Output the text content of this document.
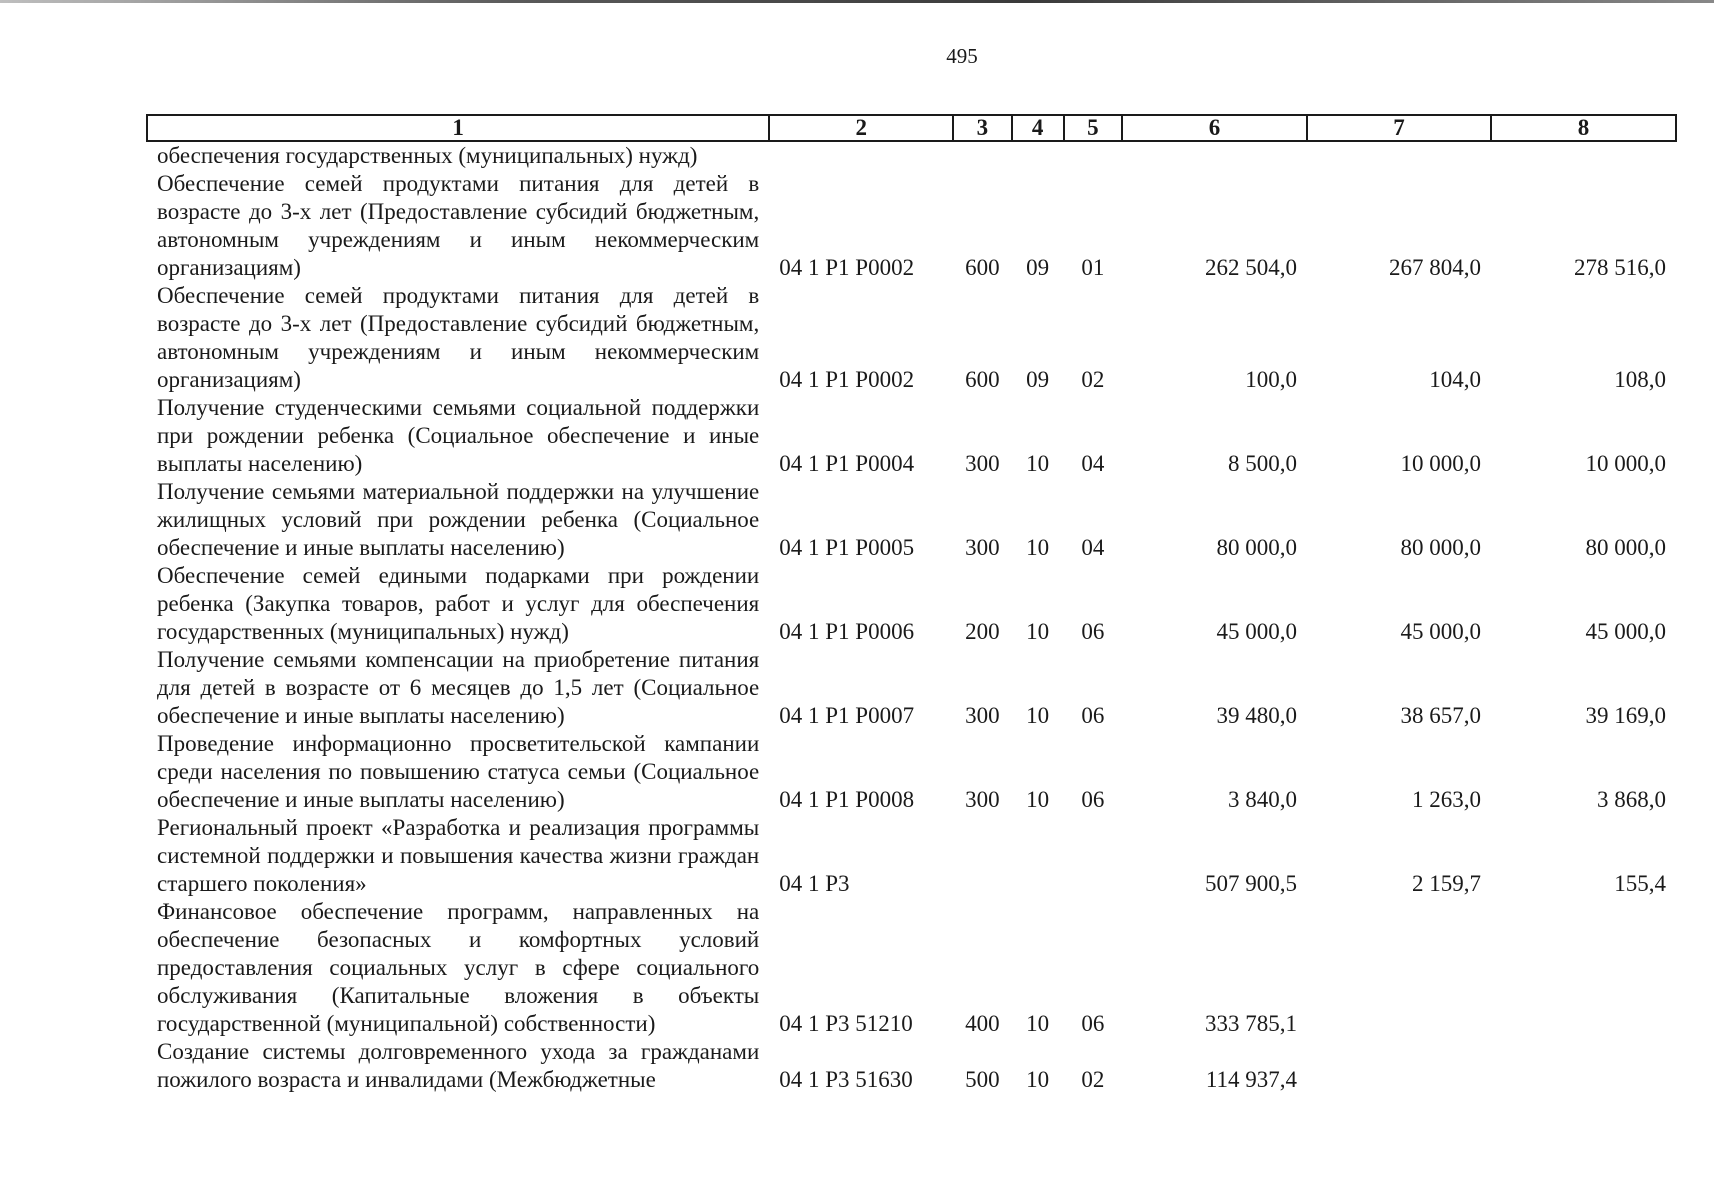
495
1	2	3	4	5	6	7	8
обеспечения государственных (муниципальных) нужд)							
Обеспечение семей продуктами питания для детей в возрасте до 3-х лет (Предоставление субсидий бюджетным, автономным учреждениям и иным некоммерческим организациям)	04 1 P1 P0002	600	09	01	262 504,0	267 804,0	278 516,0
Обеспечение семей продуктами питания для детей в возрасте до 3-х лет (Предоставление субсидий бюджетным, автономным учреждениям и иным некоммерческим организациям)	04 1 P1 P0002	600	09	02	100,0	104,0	108,0
Получение студенческими семьями социальной поддержки при рождении ребенка (Социальное обеспечение и иные выплаты населению)	04 1 P1 P0004	300	10	04	8 500,0	10 000,0	10 000,0
Получение семьями материальной поддержки на улучшение жилищных условий при рождении ребенка (Социальное обеспечение и иные выплаты населению)	04 1 P1 P0005	300	10	04	80 000,0	80 000,0	80 000,0
Обеспечение семей едиными подарками при рождении ребенка (Закупка товаров, работ и услуг для обеспечения государственных (муниципальных) нужд)	04 1 P1 P0006	200	10	06	45 000,0	45 000,0	45 000,0
Получение семьями компенсации на приобретение питания для детей в возрасте от 6 месяцев до 1,5 лет (Социальное обеспечение и иные выплаты населению)	04 1 P1 P0007	300	10	06	39 480,0	38 657,0	39 169,0
Проведение информационно просветительской кампании среди населения по повышению статуса семьи (Социальное обеспечение и иные выплаты населению)	04 1 P1 P0008	300	10	06	3 840,0	1 263,0	3 868,0
Региональный проект «Разработка и реализация программы системной поддержки и повышения качества жизни граждан старшего поколения»	04 1 P3				507 900,5	2 159,7	155,4
Финансовое обеспечение программ, направленных на обеспечение безопасных и комфортных условий предоставления социальных услуг в сфере социального обслуживания (Капитальные вложения в объекты государственной (муниципальной) собственности)	04 1 P3 51210	400	10	06	333 785,1		
Создание системы долговременного ухода за гражданами пожилого возраста и инвалидами (Межбюджетные	04 1 P3 51630	500	10	02	114 937,4		
